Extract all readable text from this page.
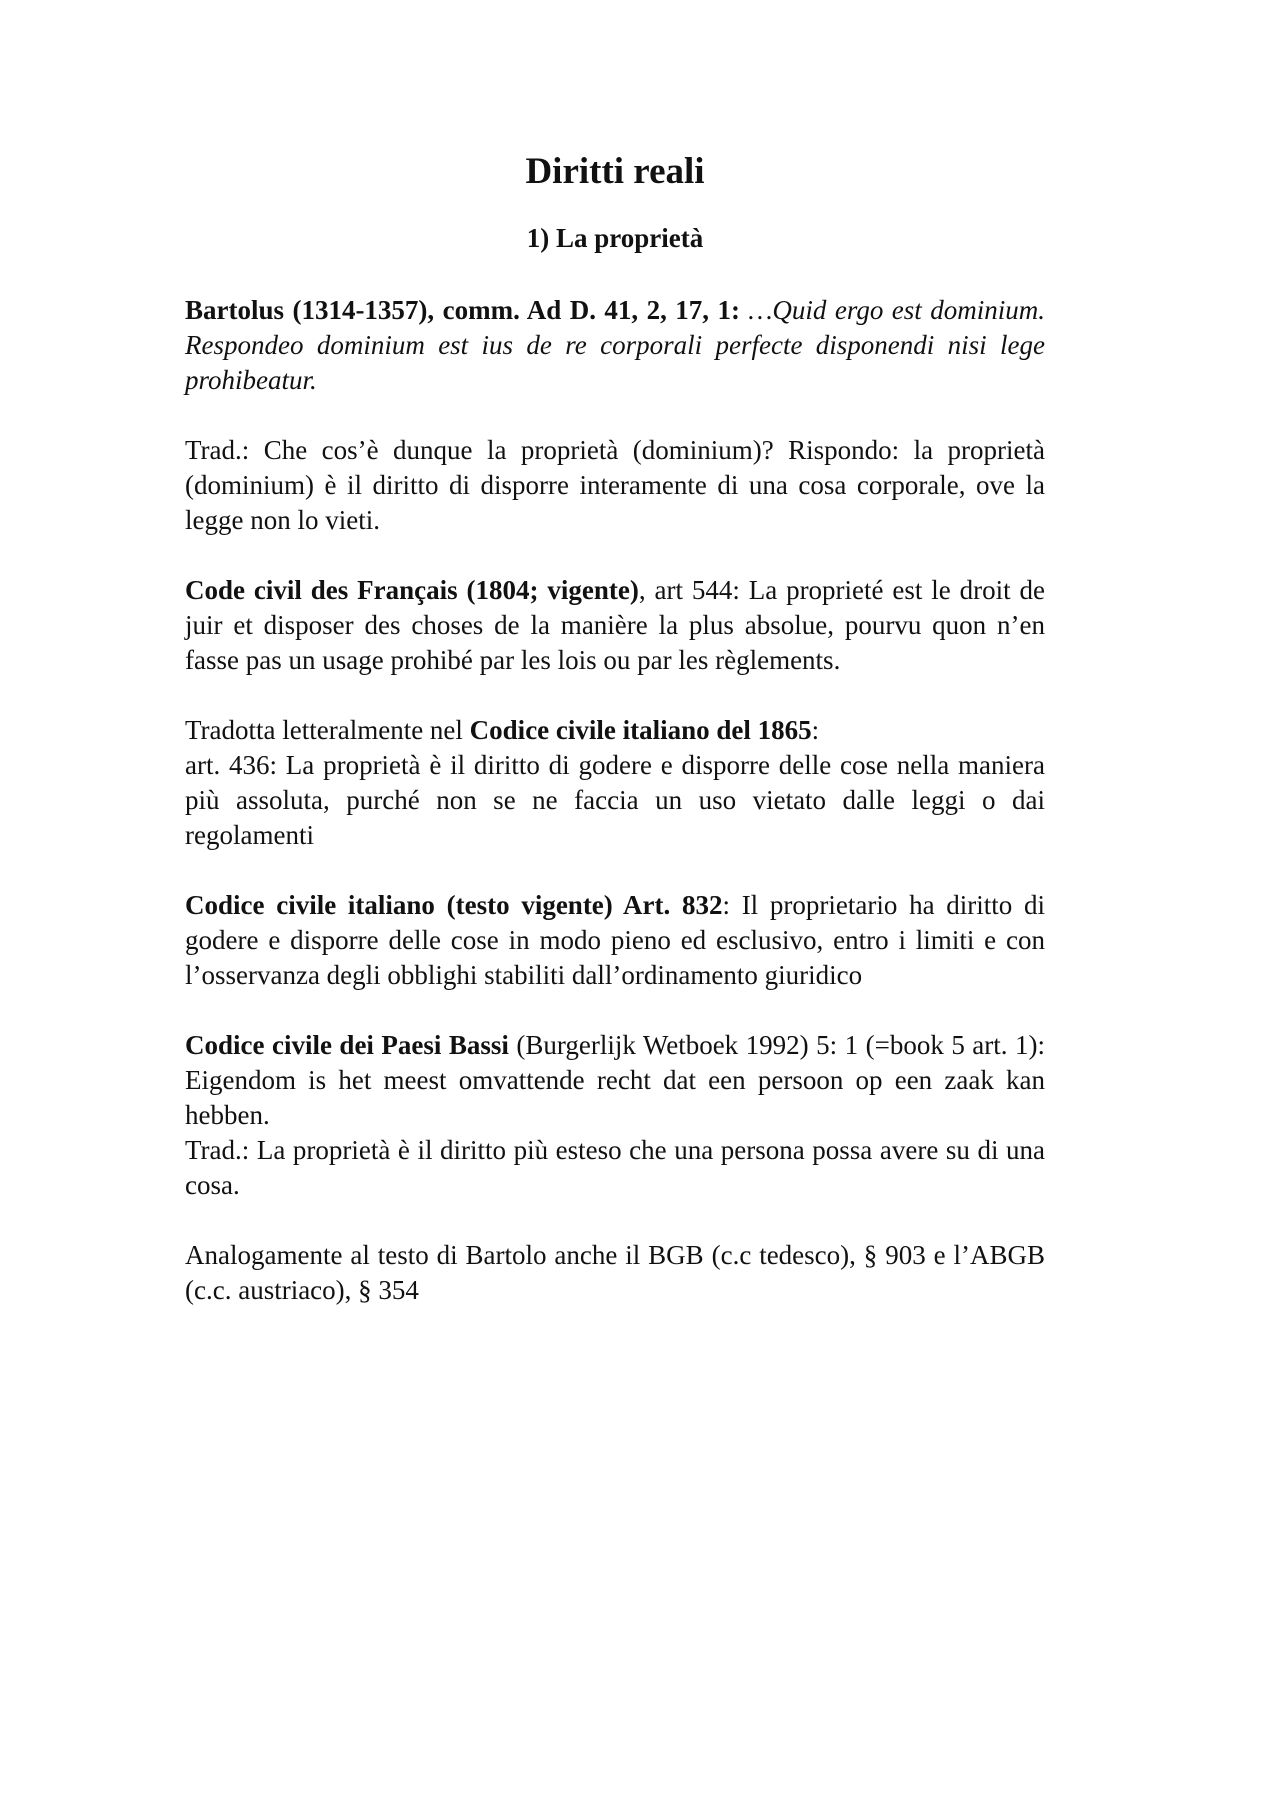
Diritti reali
1) La proprietà

Bartolus (1314-1357), comm. Ad D. 41, 2, 17, 1: …Quid ergo est dominium. Respondeo dominium est ius de re corporali perfecte disponendi nisi lege prohibeatur.

Trad.: Che cos’è dunque la proprietà (dominium)? Rispondo: la proprietà (dominium) è il diritto di disporre interamente di una cosa corporale, ove la legge non lo vieti.

Code civil des Français (1804; vigente), art 544: La proprieté est le droit de juir et disposer des choses de la manière la plus absolue, pourvu quon n’en fasse pas un usage prohibé par les lois ou par les règlements.

Tradotta letteralmente nel Codice civile italiano del 1865:

art. 436: La proprietà è il diritto di godere e disporre delle cose nella maniera più assoluta, purché non se ne faccia un uso vietato dalle leggi o dai regolamenti

Codice civile italiano (testo vigente) Art. 832: Il proprietario ha diritto di godere e disporre delle cose in modo pieno ed esclusivo, entro i limiti e con l’osservanza degli obblighi stabiliti dall’ordinamento giuridico

Codice civile dei Paesi Bassi (Burgerlijk Wetboek 1992) 5: 1 (=book 5 art. 1): Eigendom is het meest omvattende recht dat een persoon op een zaak kan hebben.

Trad.: La proprietà è il diritto più esteso che una persona possa avere su di una cosa.

Analogamente al testo di Bartolo anche il BGB (c.c tedesco), § 903 e l’ABGB (c.c. austriaco), § 354
